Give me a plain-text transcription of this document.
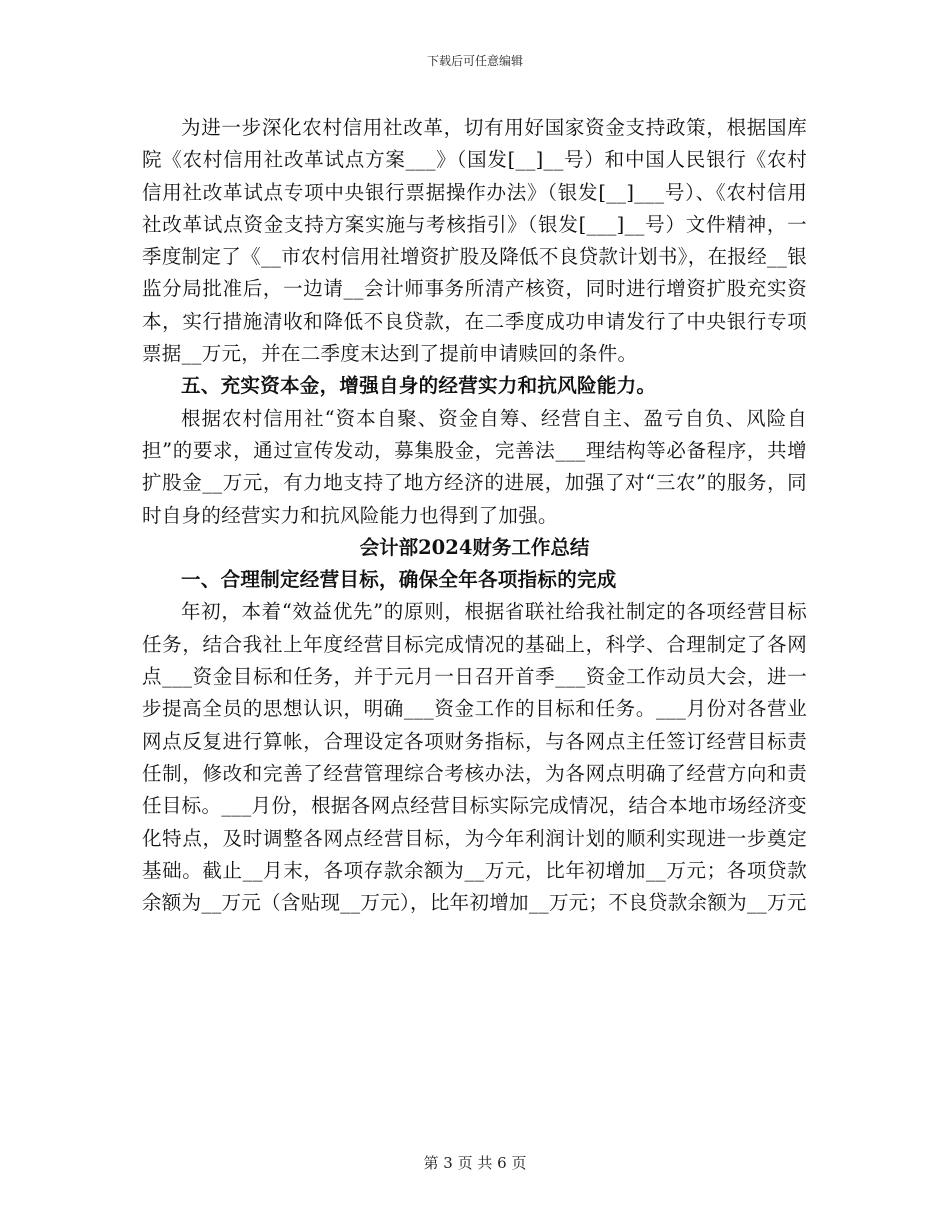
下载后可任意编辑

为进一步深化农村信用社改革，切有用好国家资金支持政策，根据国库院《农村信用社改革试点方案___》（国发[__]__号）和中国人民银行《农村信用社改革试点专项中央银行票据操作办法》（银发[__]___号）、《农村信用社改革试点资金支持方案实施与考核指引》（银发[___]__号）文件精神，一季度制定了《__市农村信用社增资扩股及降低不良贷款计划书》，在报经__银监分局批准后，一边请__会计师事务所清产核资，同时进行增资扩股充实资本，实行措施清收和降低不良贷款，在二季度成功申请发行了中央银行专项票据__万元，并在二季度末达到了提前申请赎回的条件。

五、充实资本金，增强自身的经营实力和抗风险能力。

根据农村信用社“资本自聚、资金自筹、经营自主、盈亏自负、风险自担”的要求，通过宣传发动，募集股金，完善法___理结构等必备程序，共增扩股金__万元，有力地支持了地方经济的进展，加强了对“三农”的服务，同时自身的经营实力和抗风险能力也得到了加强。

会计部2024财务工作总结

一、合理制定经营目标，确保全年各项指标的完成

年初，本着“效益优先”的原则，根据省联社给我社制定的各项经营目标任务，结合我社上年度经营目标完成情况的基础上，科学、合理制定了各网点___资金目标和任务，并于元月一日召开首季___资金工作动员大会，进一步提高全员的思想认识，明确___资金工作的目标和任务。___月份对各营业网点反复进行算帐，合理设定各项财务指标，与各网点主任签订经营目标责任制，修改和完善了经营管理综合考核办法，为各网点明确了经营方向和责任目标。___月份，根据各网点经营目标实际完成情况，结合本地市场经济变化特点，及时调整各网点经营目标，为今年利润计划的顺利实现进一步奠定基础。截止__月末，各项存款余额为__万元，比年初增加__万元；各项贷款余额为__万元（含贴现__万元），比年初增加__万元；不良贷款余额为__万元

第 3 页 共 6 页
